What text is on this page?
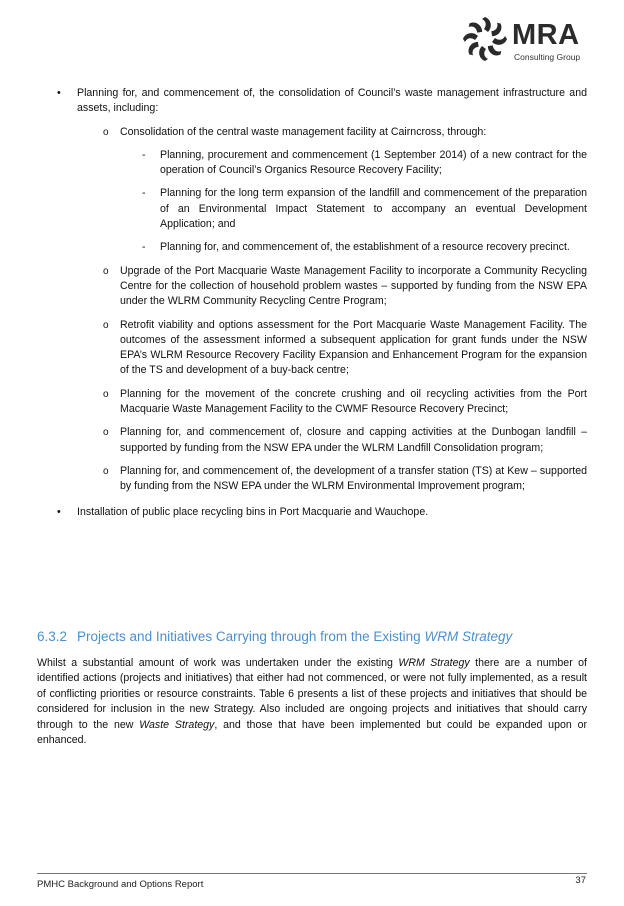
MRA
Consulting Group
• Planning for, and commencement of, the consolidation of Council’s waste management infrastructure and assets, including:
o Consolidation of the central waste management facility at Cairncross, through:
- Planning, procurement and commencement (1 September 2014) of a new contract for the operation of Council’s Organics Resource Recovery Facility;
- Planning for the long term expansion of the landfill and commencement of the preparation of an Environmental Impact Statement to accompany an eventual Development Application; and
- Planning for, and commencement of, the establishment of a resource recovery precinct.
o Upgrade of the Port Macquarie Waste Management Facility to incorporate a Community Recycling Centre for the collection of household problem wastes – supported by funding from the NSW EPA under the WLRM Community Recycling Centre Program;
o Retrofit viability and options assessment for the Port Macquarie Waste Management Facility. The outcomes of the assessment informed a subsequent application for grant funds under the NSW EPA’s WLRM Resource Recovery Facility Expansion and Enhancement Program for the expansion of the TS and development of a buy-back centre;
o Planning for the movement of the concrete crushing and oil recycling activities from the Port Macquarie Waste Management Facility to the CWMF Resource Recovery Precinct;
o Planning for, and commencement of, closure and capping activities at the Dunbogan landfill – supported by funding from the NSW EPA under the WLRM Landfill Consolidation program;
o Planning for, and commencement of, the development of a transfer station (TS) at Kew – supported by funding from the NSW EPA under the WLRM Environmental Improvement program;
• Installation of public place recycling bins in Port Macquarie and Wauchope.
6.3.2 Projects and Initiatives Carrying through from the Existing WRM Strategy
Whilst a substantial amount of work was undertaken under the existing WRM Strategy there are a number of identified actions (projects and initiatives) that either had not commenced, or were not fully implemented, as a result of conflicting priorities or resource constraints. Table 6 presents a list of these projects and initiatives that should be considered for inclusion in the new Strategy. Also included are ongoing projects and initiatives that should carry through to the new Waste Strategy, and those that have been implemented but could be expanded upon or enhanced.
PMHC Background and Options Report	37
